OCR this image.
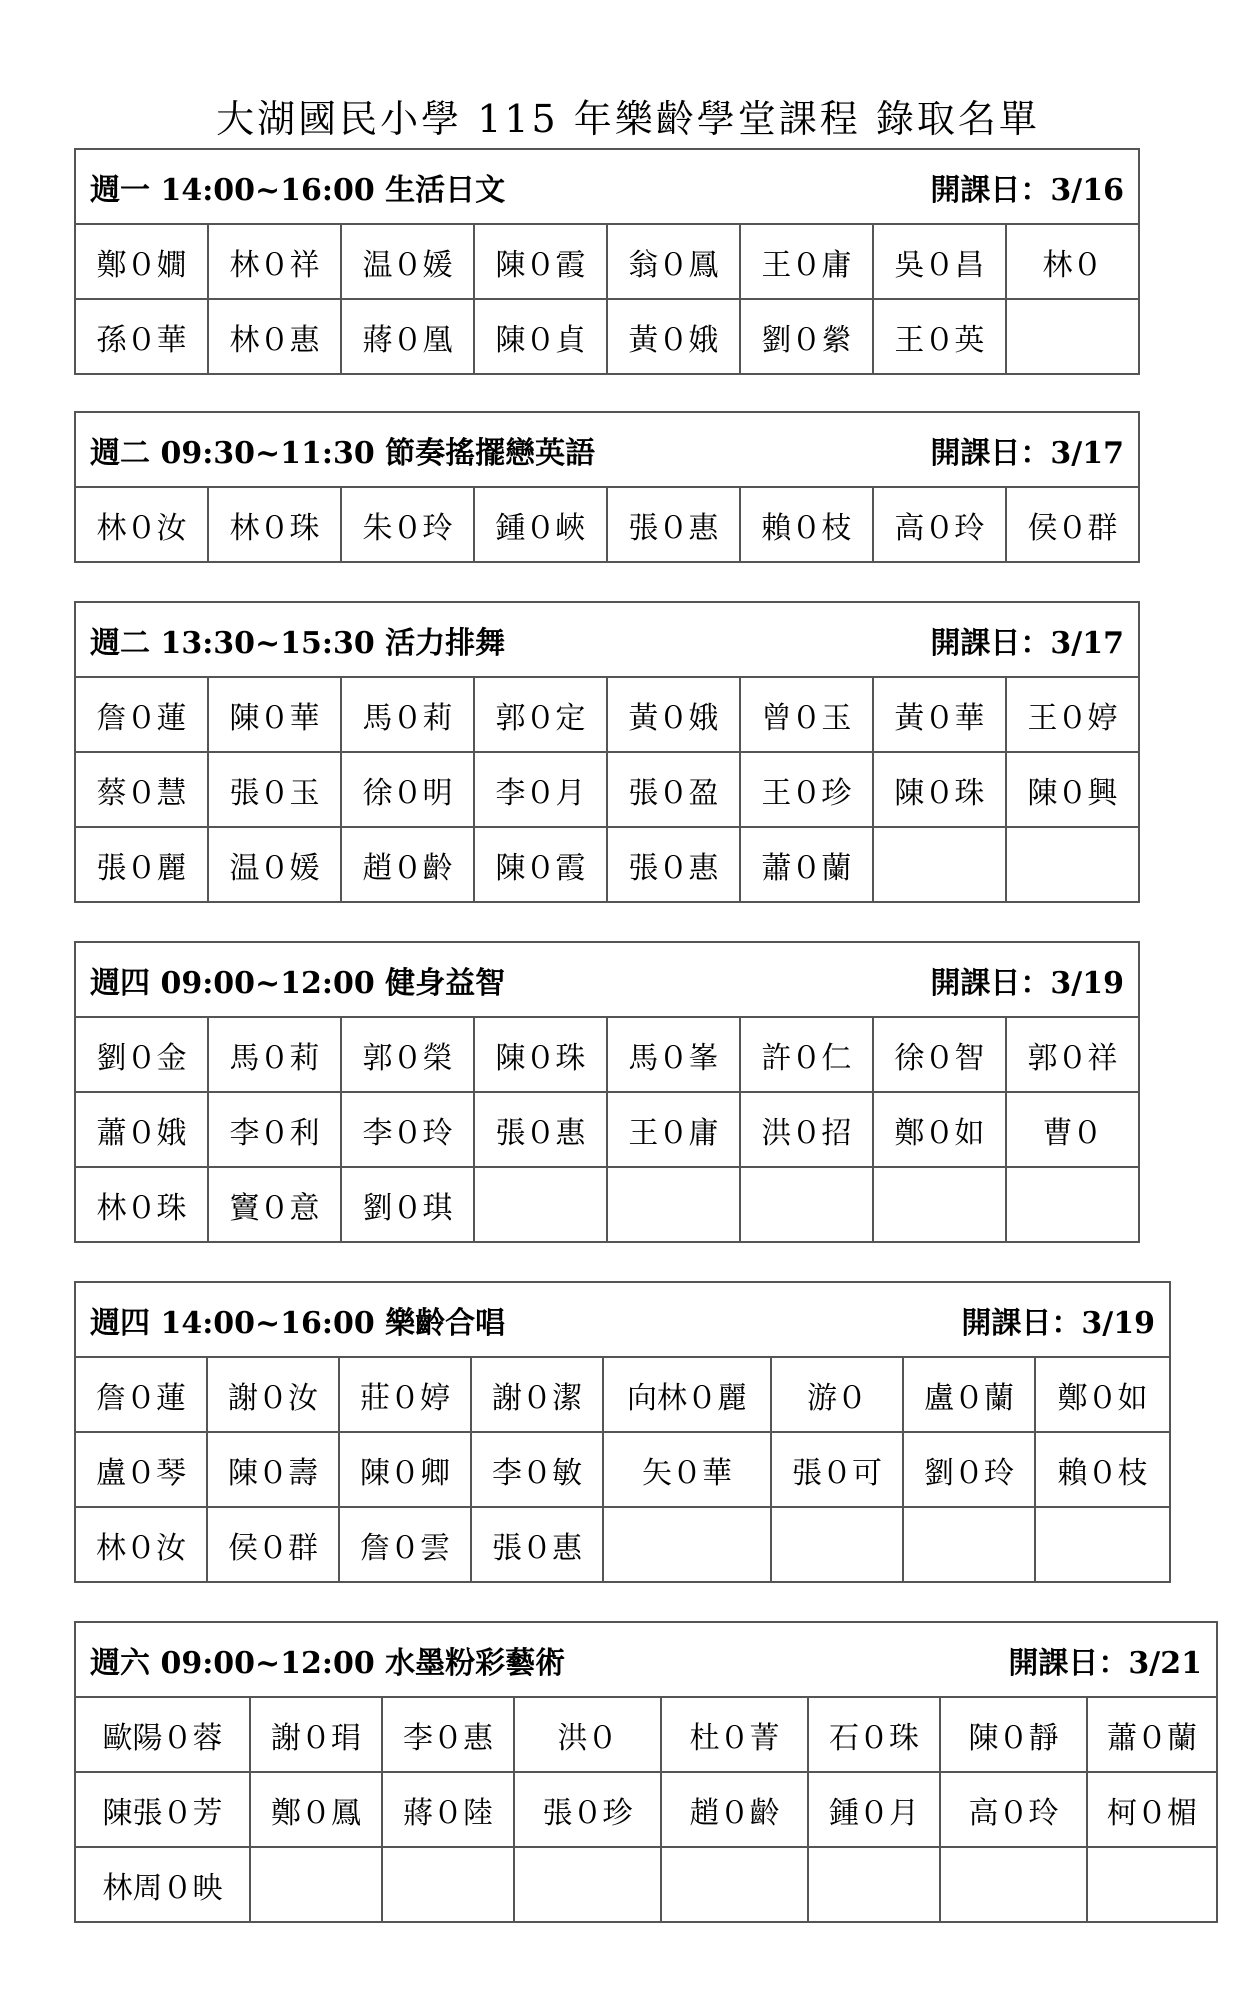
大湖國民小學 115 年樂齡學堂課程 錄取名單
週一 14:00~16:00 生活日文 開課日：3/16							

鄭０嫺	林０祥	温０媛	陳０霞	翁０鳳	王０庸	吳０昌	林０
孫０華	林０惠	蔣０凰	陳０貞	黃０娥	劉０縈	王０英	
週二 09:30~11:30 節奏搖擺戀英語	開課日：3/17

林０汝	林０珠	朱０玲	鍾０峽	張０惠	賴０枝	高０玲	侯０群
週二 13:30~15:30 活力排舞 開課日：3/17							

詹０蓮	陳０華	馬０莉	郭０定	黃０娥	曾０玉	黃０華	王０婷
蔡０慧	張０玉	徐０明	李０月	張０盈	王０珍	陳０珠	陳０興
張０麗	温０媛	趙０齡	陳０霞	張０惠	蕭０蘭		
週四 09:00~12:00 健身益智 開課日：3/19							

劉０金	馬０莉	郭０榮	陳０珠	馬０峯	許０仁	徐０智	郭０祥
蕭０娥	李０利	李０玲	張０惠	王０庸	洪０招	鄭０如	曹０
林０珠	竇０意	劉０琪					
週四 14:00~16:00 樂齡合唱 開課日：3/19							

詹０蓮	謝０汝	莊０婷	謝０潔	向林０麗	游０	盧０蘭	鄭０如
盧０琴	陳０壽	陳０卿	李０敏	矢０華	張０可	劉０玲	賴０枝
林０汝	侯０群	詹０雲	張０惠				
週六 09:00~12:00 水墨粉彩藝術 開課日：3/21							

歐陽０蓉	謝０琄	李０惠	洪０	杜０菁	石０珠	陳０靜	蕭０蘭
陳張０芳	鄭０鳳	蔣０陸	張０珍	趙０齡	鍾０月	高０玲	柯０楣
林周０映							
